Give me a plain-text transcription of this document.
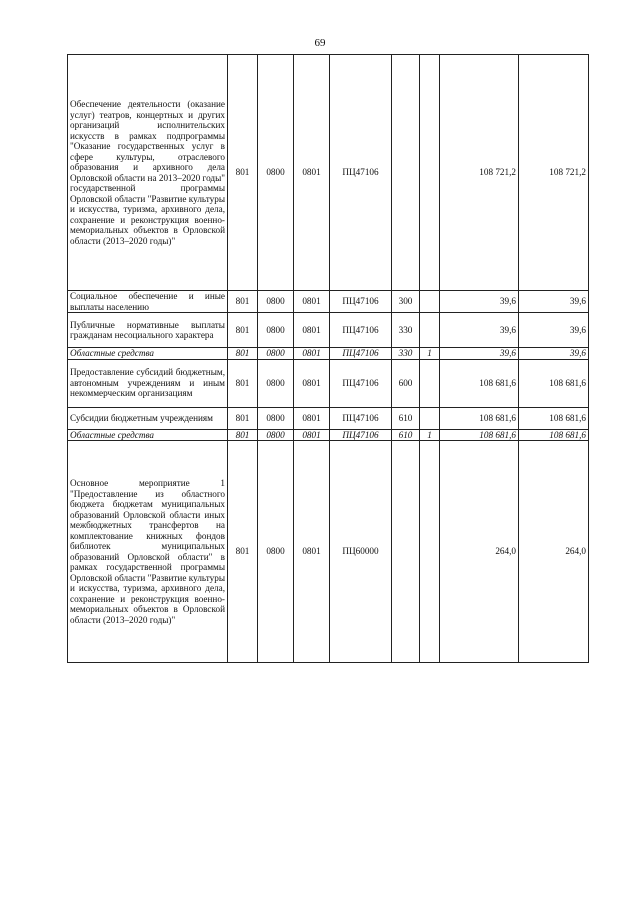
69
Обеспечение деятельности (оказание услуг) театров, концертных и других организаций исполнительских искусств в рамках подпрограммы "Оказание государственных услуг в сфере культуры, отраслевого образования и архивного дела Орловской области на 2013–2020 годы" государственной программы Орловской области "Развитие культуры и искусства, туризма, архивного дела, сохранение и реконструкция военно-мемориальных объектов в Орловской области (2013–2020 годы)"	801	0800	0801	ПЦ47106			108 721,2	108 721,2
Социальное обеспечение и иные выплаты населению	801	0800	0801	ПЦ47106	300		39,6	39,6
Публичные нормативные выплаты гражданам несоциального характера	801	0800	0801	ПЦ47106	330		39,6	39,6
Областные средства	801	0800	0801	ПЦ47106	330	1	39,6	39,6
Предоставление субсидий бюджетным, автономным учреждениям и иным некоммерческим организациям	801	0800	0801	ПЦ47106	600		108 681,6	108 681,6
Субсидии бюджетным учреждениям	801	0800	0801	ПЦ47106	610		108 681,6	108 681,6
Областные средства	801	0800	0801	ПЦ47106	610	1	108 681,6	108 681,6
Основное мероприятие 1 "Предоставление из областного бюджета бюджетам муниципальных образований Орловской области иных межбюджетных трансфертов на комплектование книжных фондов библиотек муниципальных образований Орловской области" в рамках государственной программы Орловской области "Развитие культуры и искусства, туризма, архивного дела, сохранение и реконструкция военно-мемориальных объектов в Орловской области (2013–2020 годы)"	801	0800	0801	ПЦ60000			264,0	264,0
